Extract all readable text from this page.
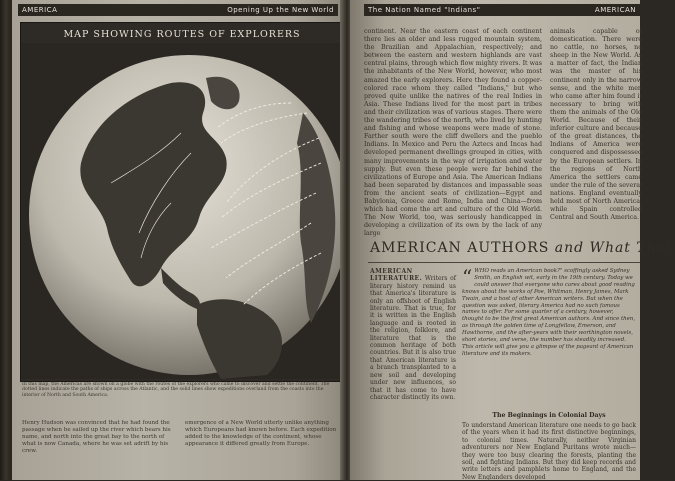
AMERICA	Opening Up the New World
MAP SHOWING ROUTES OF EXPLORERS
In this map, the Americas are shown on a globe with the routes of the explorers who came to discover and settle the continent. The dotted lines indicate the paths of ships across the Atlantic, and the solid lines show expeditions overland from the coasts into the interior of North and South America.

Henry Hudson was convinced that he had found the passage when he sailed up the river which bears his name, and north into the great bay to the north of what is now Canada, where he was set adrift by his crew.

emergence of a New World utterly unlike anything which Europeans had known before. Each expedition added to the knowledge of the continent, whose appearance it differed greatly from Europe.

The Nation Named "Indians"	AMERICAN

continent. Near the eastern coast of each continent there lies an older and less rugged mountain system, the Brazilian and Appalachian, respectively; and between the eastern and western highlands are vast central plains, through which flow mighty rivers. It was the inhabitants of the New World, however, who most amazed the early explorers. Here they found a copper-colored race whom they called "Indians," but who proved quite unlike the natives of the real Indies in Asia. These Indians lived for the most part in tribes and their civilization was of various stages. There were the wandering tribes of the north, who lived by hunting and fishing and whose weapons were made of stone. Farther south were the cliff dwellers and the pueblo Indians. In Mexico and Peru the Aztecs and Incas had developed permanent dwellings grouped in cities, with many improvements in the way of irrigation and water supply. But even these people were far behind the civilizations of Europe and Asia. The American Indians had been separated by distances and impassable seas from the ancient seats of civilization—Egypt and Babylonia, Greece and Rome, India and China—from which had come the art and culture of the Old World. The New World, too, was seriously handicapped in developing a civilization of its own by the lack of any large

animals capable of domestication. There were no cattle, no horses, no sheep in the New World. As a matter of fact, the Indian was the master of his continent only in the narrow sense, and the white men who came after him found it necessary to bring with them the animals of the Old World. Because of their inferior culture and because of the great distances, the Indians of America were conquered and dispossessed by the European settlers. In the regions of North America the settlers came under the rule of the several nations. England eventually held most of North America, while Spain controlled Central and South America.

AMERICAN AUTHORS and What They

AMERICAN LITERATURE. Writers of literary history remind us that America's literature is only an offshoot of English literature. That is true, for it is written in the English language and is rooted in the religion, folklore, and literature that is the common heritage of both countries. But it is also true that American literature is a branch transplanted to a new soil and developing under new influences, so that it has come to have character distinctly its own.

“ WHO reads an American book?" scoffingly asked Sydney Smith, an English wit, early in the 19th century. Today we could answer that everyone who cares about good reading knows about the works of Poe, Whitman, Henry James, Mark Twain, and a host of other American writers. But when the question was asked, literary America had no such famous names to offer. For some quarter of a century, however, thought to be the first great American authors. And since then, as through the golden time of Longfellow, Emerson, and Hawthorne, and the after-years with their worthington novels, short stories, and verse, the number has steadily increased. This article will give you a glimpse of the pageant of American literature and its makers.
The Beginnings in Colonial Days

To understand American literature one needs to go back of the years when it had its first distinctive beginnings, to colonial times. Naturally, neither Virginian adventurers nor New England Puritans wrote much—they were too busy clearing the forests, planting the soil, and fighting Indians. But they did keep records and write letters and pamphlets home to England, and the New Englanders developed
